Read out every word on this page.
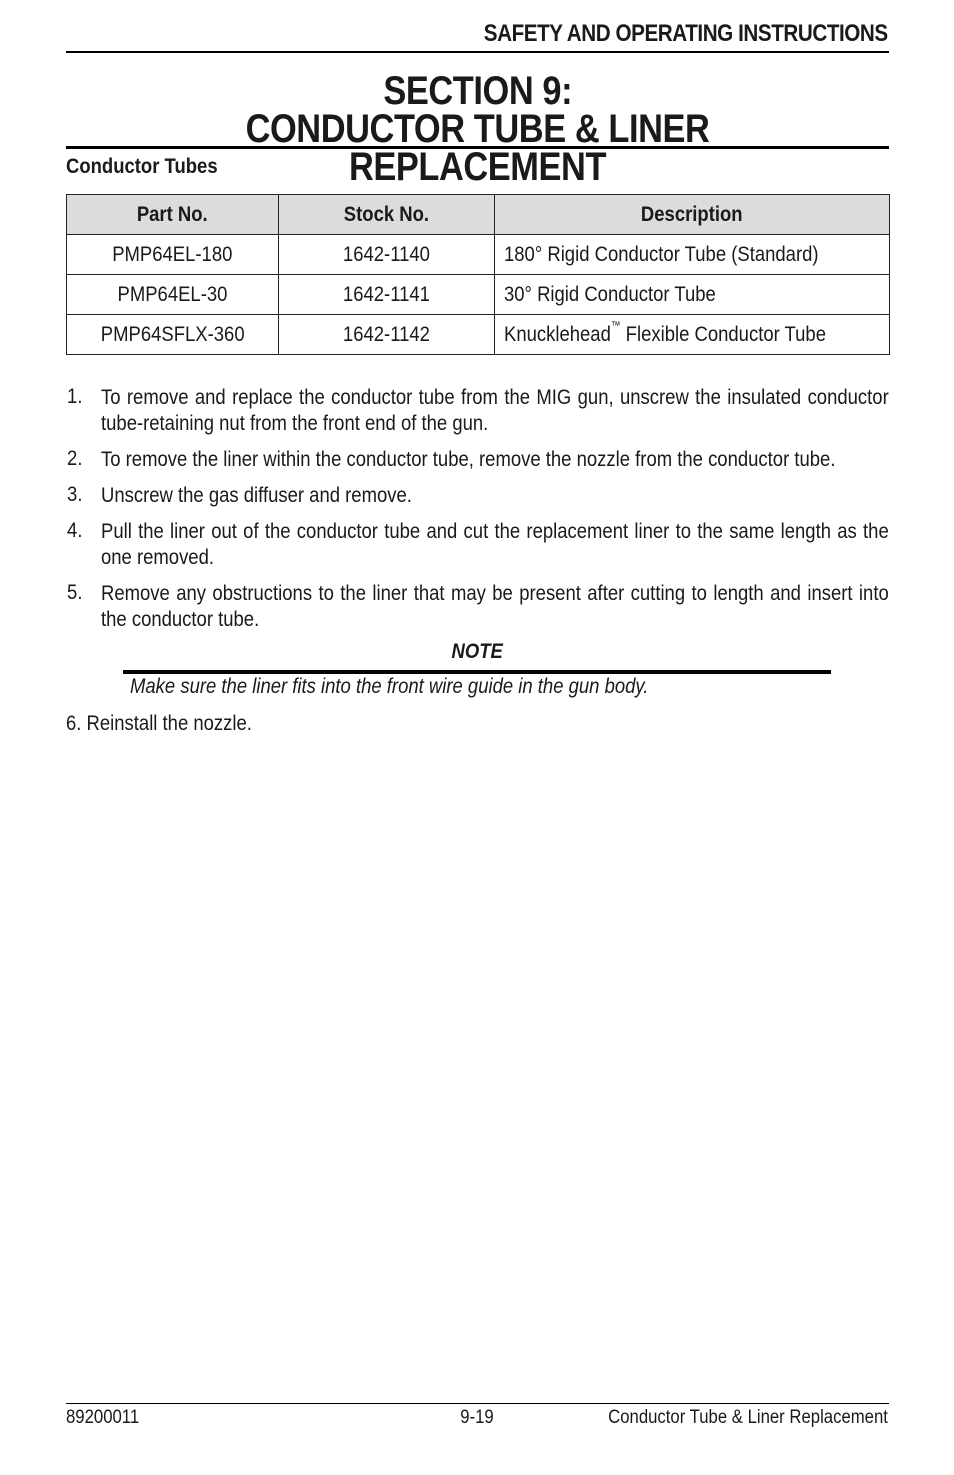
SAFETY AND OPERATING INSTRUCTIONS
SECTION 9:
CONDUCTOR TUBE & LINER REPLACEMENT
Conductor Tubes
Part No.	Stock No.	Description
PMP64EL-180	1642-1140	180° Rigid Conductor Tube (Standard)
PMP64EL-30	1642-1141	30° Rigid Conductor Tube
PMP64SFLX-360	1642-1142	Knucklehead™ Flexible Conductor Tube
1. To remove and replace the conductor tube from the MIG gun, unscrew the insulated conductor tube-retaining nut from the front end of the gun.
2. To remove the liner within the conductor tube, remove the nozzle from the conductor tube.
3. Unscrew the gas diffuser and remove.
4. Pull the liner out of the conductor tube and cut the replacement liner to the same length as the one removed.
5. Remove any obstructions to the liner that may be present after cutting to length and insert into the conductor tube.
NOTE
Make sure the liner fits into the front wire guide in the gun body.
6. Reinstall the nozzle.
89200011	9-19	Conductor Tube & Liner Replacement
